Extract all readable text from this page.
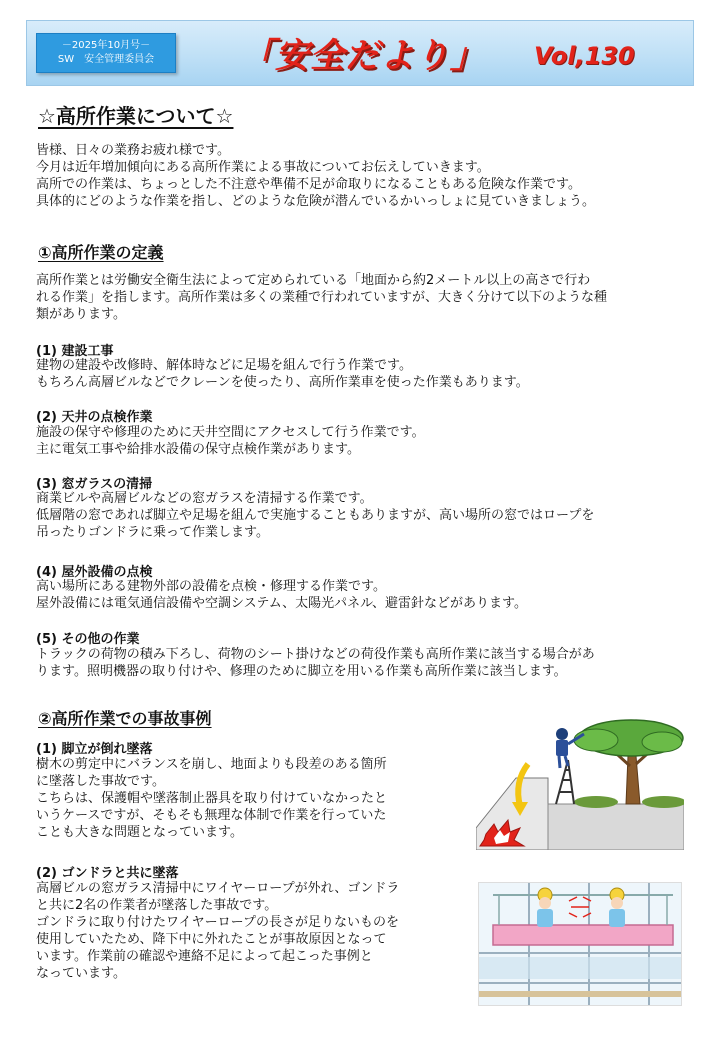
－2025年10月号－
SW　安全管理委員会	「安全だより」 Vol,130
☆高所作業について☆

皆様、日々の業務お疲れ様です。

今月は近年増加傾向にある高所作業による事故についてお伝えしていきます。

高所での作業は、ちょっとした不注意や準備不足が命取りになることもある危険な作業です。

具体的にどのような作業を指し、どのような危険が潜んでいるかいっしょに見ていきましょう。

①高所作業の定義

高所作業とは労働安全衛生法によって定められている「地面から約2メートル以上の高さで行わ

れる作業」を指します。高所作業は多くの業種で行われていますが、大きく分けて以下のような種

類があります。

(1) 建設工事

建物の建設や改修時、解体時などに足場を組んで行う作業です。

もちろん高層ビルなどでクレーンを使ったり、高所作業車を使った作業もあります。

(2) 天井の点検作業

施設の保守や修理のために天井空間にアクセスして行う作業です。

主に電気工事や給排水設備の保守点検作業があります。

(3) 窓ガラスの清掃

商業ビルや高層ビルなどの窓ガラスを清掃する作業です。

低層階の窓であれば脚立や足場を組んで実施することもありますが、高い場所の窓ではロープを

吊ったりゴンドラに乗って作業します。

(4) 屋外設備の点検

高い場所にある建物外部の設備を点検・修理する作業です。

屋外設備には電気通信設備や空調システム、太陽光パネル、避雷針などがあります。

(5) その他の作業

トラックの荷物の積み下ろし、荷物のシート掛けなどの荷役作業も高所作業に該当する場合があ

ります。照明機器の取り付けや、修理のために脚立を用いる作業も高所作業に該当します。

②高所作業での事故事例
(1) 脚立が倒れ墜落

樹木の剪定中にバランスを崩し、地面よりも段差のある箇所

に墜落した事故です。

こちらは、保護帽や墜落制止器具を取り付けていなかったと

いうケースですが、そもそも無理な体制で作業を行っていた

ことも大きな問題となっています。

(2) ゴンドラと共に墜落

高層ビルの窓ガラス清掃中にワイヤーロープが外れ、ゴンドラ

と共に2名の作業者が墜落した事故です。

ゴンドラに取り付けたワイヤーロープの長さが足りないものを

使用していたため、降下中に外れたことが事故原因となって

います。作業前の確認や連絡不足によって起こった事例と

なっています。
